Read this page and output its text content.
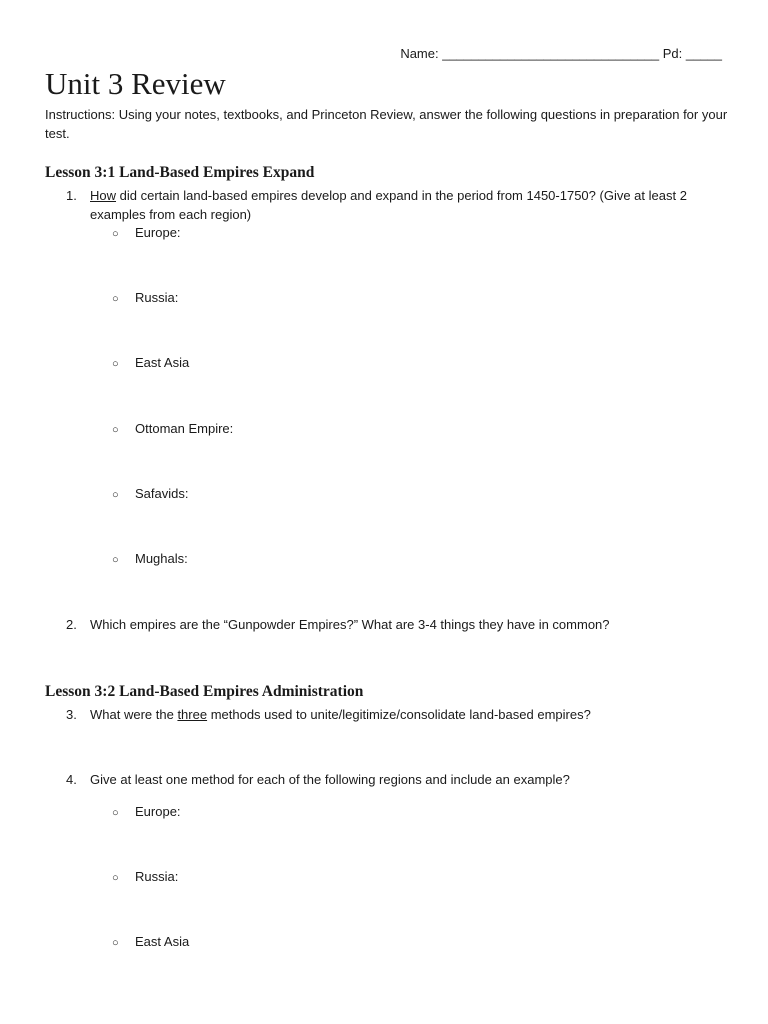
Name: ______________________________ Pd: _____
Unit 3 Review

Instructions: Using your notes, textbooks, and Princeton Review, answer the following questions in preparation for your test.

Lesson 3:1 Land-Based Empires Expand
1. How did certain land-based empires develop and expand in the period from 1450-1750? (Give at least 2 examples from each region)
○ Europe:
○ Russia:
○ East Asia
○ Ottoman Empire:
○ Safavids:
○ Mughals:
2. Which empires are the “Gunpowder Empires?” What are 3-4 things they have in common?
Lesson 3:2 Land-Based Empires Administration
3. What were the three methods used to unite/legitimize/consolidate land-based empires?
4. Give at least one method for each of the following regions and include an example?
○ Europe:
○ Russia:
○ East Asia
